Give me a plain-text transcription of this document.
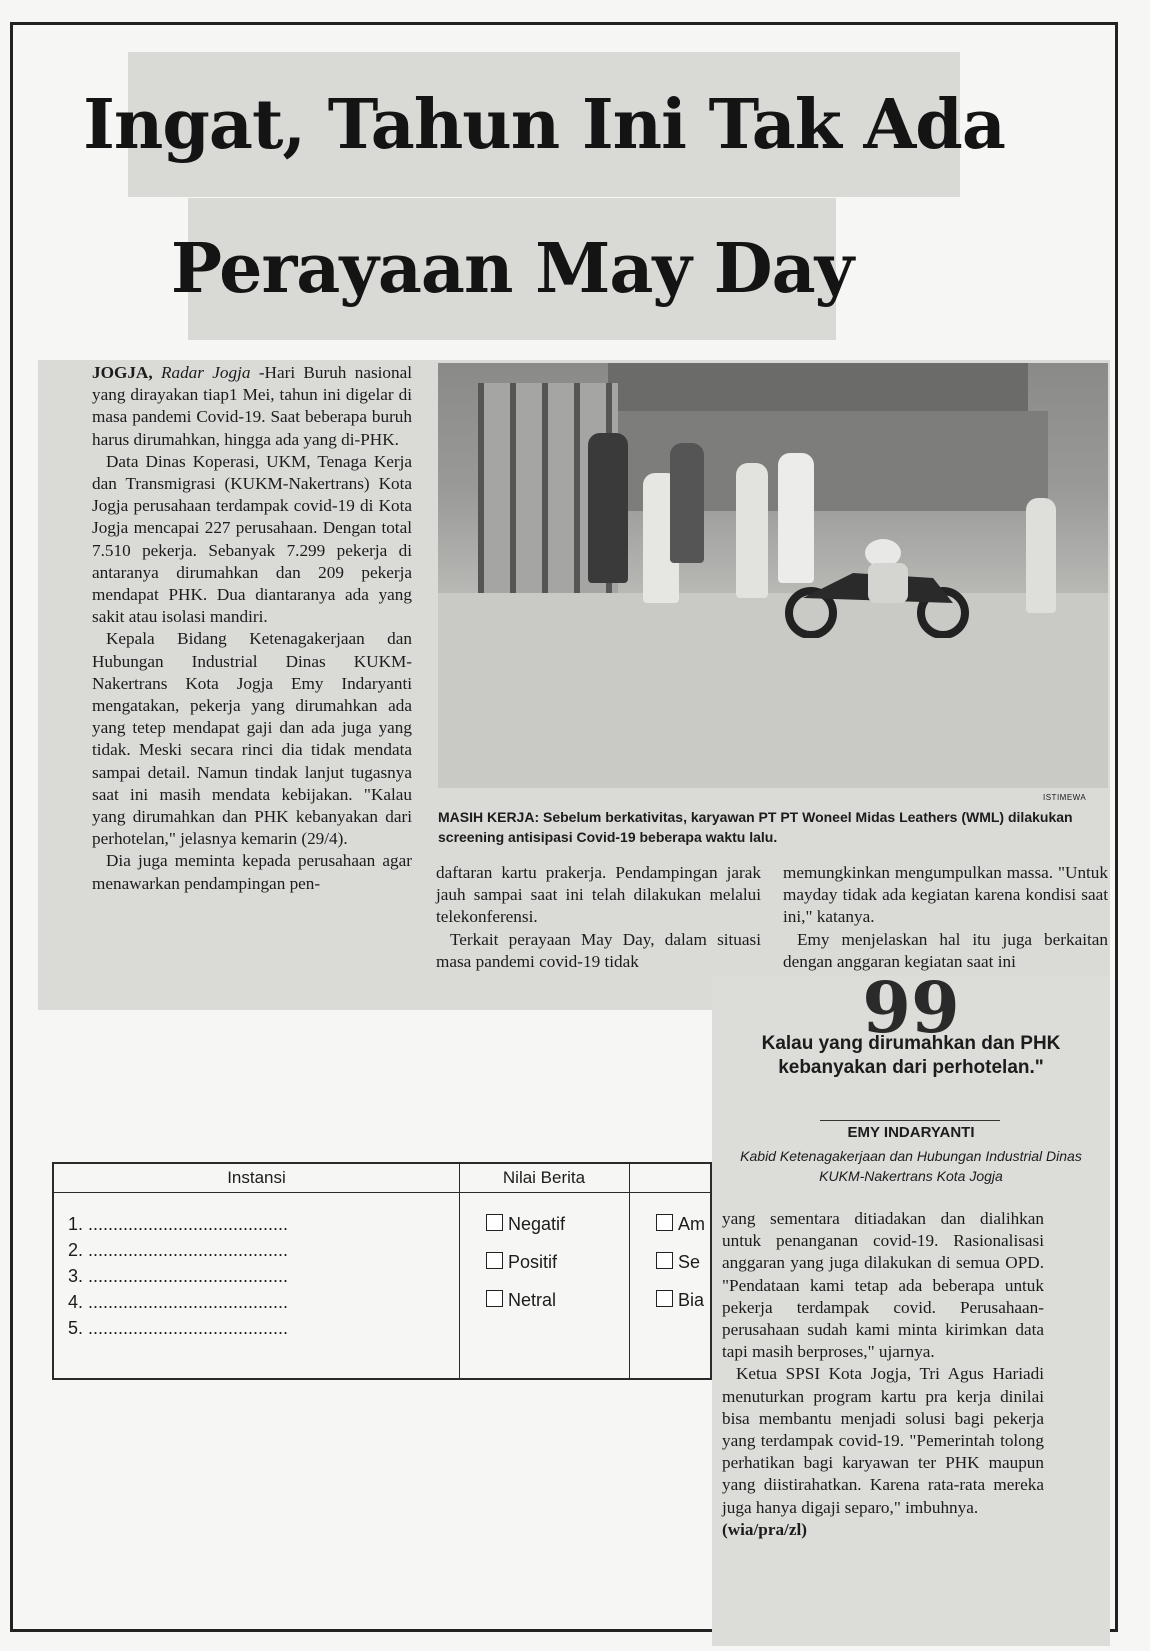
Ingat, Tahun Ini Tak Ada
Perayaan May Day

JOGJA, Radar Jogja -Hari Buruh nasional yang dirayakan tiap1 Mei, tahun ini digelar di masa pandemi Covid-19. Saat beberapa buruh harus dirumahkan, hingga ada yang di-PHK.

Data Dinas Koperasi, UKM, Tenaga Kerja dan Transmigrasi (KUKM-Nakertrans) Kota Jogja perusahaan terdampak covid-19 di Kota Jogja mencapai 227 perusahaan. Dengan total 7.510 pekerja. Sebanyak 7.299 pekerja di antaranya dirumahkan dan 209 pekerja mendapat PHK. Dua diantaranya ada yang sakit atau isolasi mandiri.

Kepala Bidang Ketenagakerjaan dan Hubungan Industrial Dinas KUKM-Nakertrans Kota Jogja Emy Indaryanti mengatakan, pekerja yang dirumahkan ada yang tetep mendapat gaji dan ada juga yang tidak. Meski secara rinci dia tidak mendata sampai detail. Namun tindak lanjut tugasnya saat ini masih mendata kebijakan. "Kalau yang dirumahkan dan PHK kebanyakan dari perhotelan," jelasnya kemarin (29/4).

Dia juga meminta kepada perusahaan agar menawarkan pendampingan pen-

ISTIMEWA
MASIH KERJA: Sebelum berkativitas, karyawan PT PT Woneel Midas Leathers (WML) dilakukan screening antisipasi Covid-19 beberapa waktu lalu.

daftaran kartu prakerja. Pendampingan jarak jauh sampai saat ini telah dilakukan melalui telekonferensi.

Terkait perayaan May Day, dalam situasi masa pandemi covid-19 tidak

memungkinkan mengumpulkan massa. "Untuk mayday tidak ada kegiatan karena kondisi saat ini," katanya.

Emy menjelaskan hal itu juga berkaitan dengan anggaran kegiatan saat ini

Instansi	Nilai Berita
1. ........................................
2. ........................................
3. ........................................
4. ........................................
5. ........................................
Negatif
Positif
Netral
Am
Se
Bia
99
Kalau yang dirumahkan dan PHK kebanyakan dari perhotelan."
EMY INDARYANTI
Kabid Ketenagakerjaan dan Hubungan Industrial Dinas KUKM-Nakertrans Kota Jogja

yang sementara ditiadakan dan dialihkan untuk penanganan covid-19. Rasionalisasi anggaran yang juga dilakukan di semua OPD. "Pendataan kami tetap ada beberapa untuk pekerja terdampak covid. Perusahaan-perusahaan sudah kami minta kirimkan data tapi masih berproses," ujarnya.

Ketua SPSI Kota Jogja, Tri Agus Hariadi menuturkan program kartu pra kerja dinilai bisa membantu menjadi solusi bagi pekerja yang terdampak covid-19. "Pemerintah tolong perhatikan bagi karyawan ter PHK maupun yang diistirahatkan. Karena rata-rata mereka juga hanya digaji separo," imbuhnya.

(wia/pra/zl)
